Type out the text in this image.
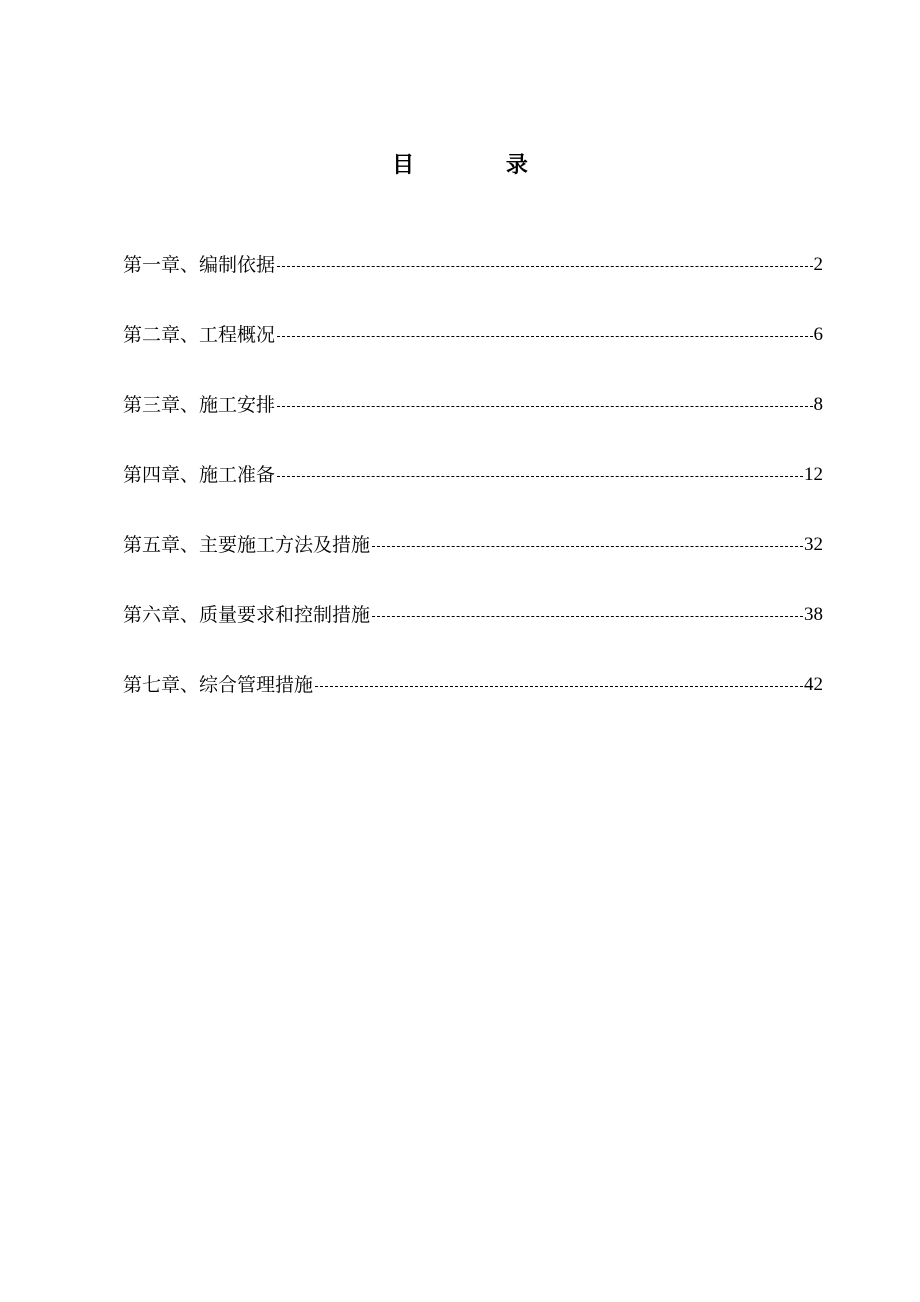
目 录
第一章、编制依据	2
第二章、工程概况	6
第三章、施工安排	8
第四章、施工准备	12
第五章、主要施工方法及措施	32
第六章、质量要求和控制措施	38
第七章、综合管理措施	42
